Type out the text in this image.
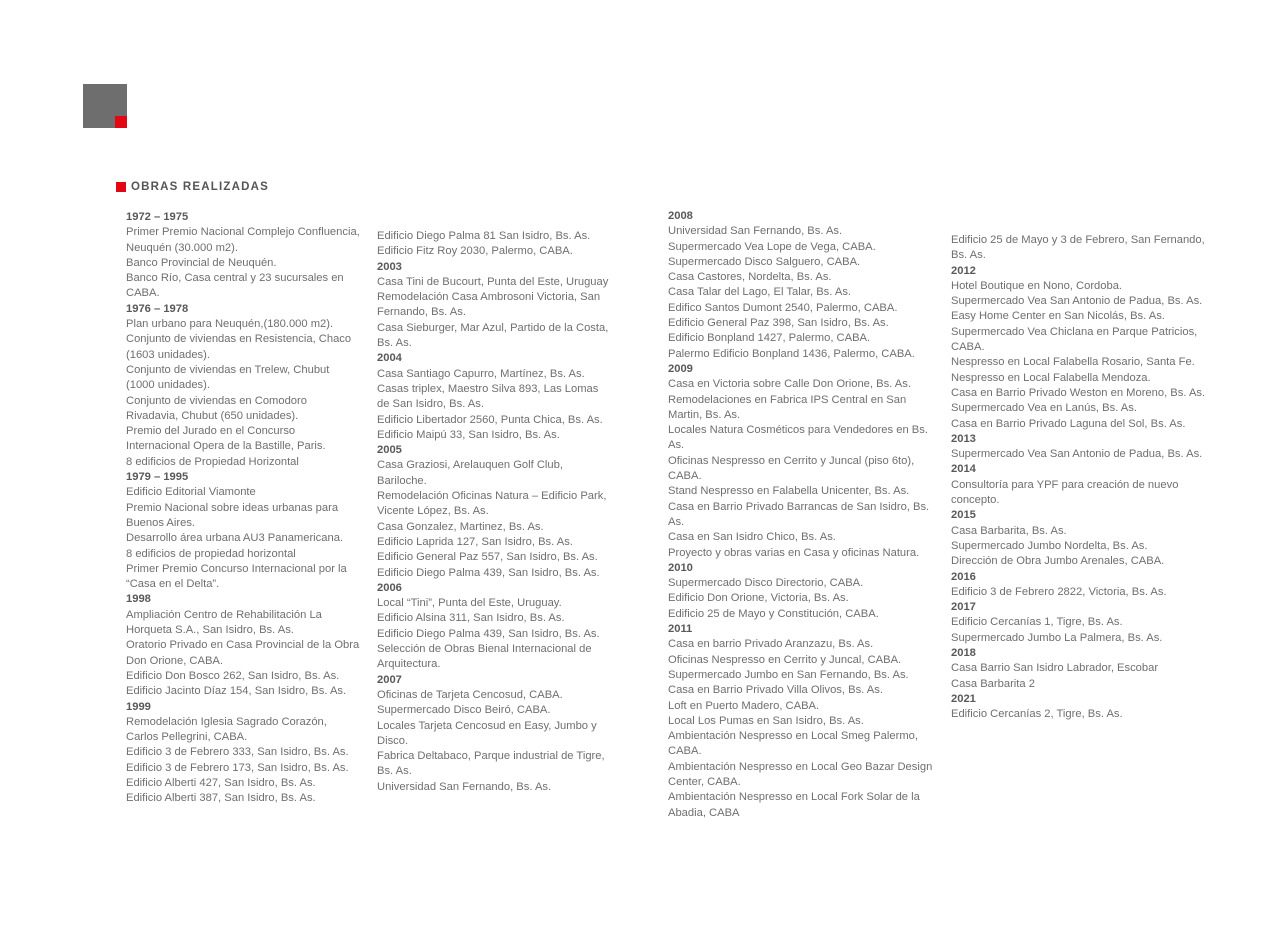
OBRAS REALIZADAS
1972 – 1975
Primer Premio Nacional Complejo Confluencia, Neuquén (30.000 m2).
Banco Provincial de Neuquén.
Banco Río, Casa central y 23 sucursales en CABA.
1976 – 1978
Plan urbano para Neuquén,(180.000 m2).
Conjunto de viviendas en Resistencia, Chaco (1603 unidades).
Conjunto de viviendas en Trelew, Chubut (1000 unidades).
Conjunto de viviendas en Comodoro Rivadavia, Chubut (650 unidades).
Premio del Jurado en el Concurso Internacional Opera de la Bastille, Paris.
8 edificios de Propiedad Horizontal
1979 – 1995
Edificio Editorial Viamonte
Premio Nacional sobre ideas urbanas para Buenos Aires.
Desarrollo área urbana AU3 Panamericana.
8 edificios de propiedad horizontal
Primer Premio Concurso Internacional por la “Casa en el Delta”.
1998
Ampliación Centro de Rehabilitación La Horqueta S.A., San Isidro, Bs. As.
Oratorio Privado en Casa Provincial de la Obra Don Orione, CABA.
Edificio Don Bosco 262, San Isidro, Bs. As.
Edificio Jacinto Díaz 154, San Isidro, Bs. As.
1999
Remodelación Iglesia Sagrado Corazón, Carlos Pellegrini, CABA.
Edificio 3 de Febrero 333, San Isidro, Bs. As.
Edificio 3 de Febrero 173, San Isidro, Bs. As.
Edificio Alberti 427, San Isidro, Bs. As.
Edificio Alberti 387, San Isidro, Bs. As.
Edificio Diego Palma 81 San Isidro, Bs. As.
Edificio Fitz Roy 2030, Palermo, CABA.
2003
Casa Tini de Bucourt, Punta del Este, Uruguay
Remodelación Casa Ambrosoni Victoria, San Fernando, Bs. As.
Casa Sieburger, Mar Azul, Partido de la Costa, Bs. As.
2004
Casa Santiago Capurro, Martínez, Bs. As.
Casas triplex, Maestro Silva 893, Las Lomas de San Isidro, Bs. As.
Edificio Libertador 2560, Punta Chica, Bs. As.
Edificio Maipú 33, San Isidro, Bs. As.
2005
Casa Graziosi, Arelauquen Golf Club, Bariloche.
Remodelación Oficinas Natura – Edificio Park, Vicente López, Bs. As.
Casa Gonzalez, Martinez, Bs. As.
Edificio Laprida 127, San Isidro, Bs. As.
Edificio General Paz 557, San Isidro, Bs. As.
Edificio Diego Palma 439, San Isidro, Bs. As.
2006
Local “Tini”, Punta del Este, Uruguay.
Edificio Alsina 311, San Isidro, Bs. As.
Edificio Diego Palma 439, San Isidro, Bs. As.
Selección de Obras Bienal Internacional de Arquitectura.
2007
Oficinas de Tarjeta Cencosud, CABA.
Supermercado Disco Beiró, CABA.
Locales Tarjeta Cencosud en Easy, Jumbo y Disco.
Fabrica Deltabaco, Parque industrial de Tigre, Bs. As.
Universidad San Fernando, Bs. As.
2008
Universidad San Fernando, Bs. As.
Supermercado Vea Lope de Vega, CABA.
Supermercado Disco Salguero, CABA.
Casa Castores, Nordelta, Bs. As.
Casa Talar del Lago, El Talar, Bs. As.
Edifico Santos Dumont 2540, Palermo, CABA.
Edificio General Paz 398, San Isidro, Bs. As.
Edificio Bonpland 1427, Palermo, CABA.
Palermo Edificio Bonpland 1436, Palermo, CABA.
2009
Casa en Victoria sobre Calle Don Orione, Bs. As.
Remodelaciones en Fabrica IPS Central en San Martin, Bs. As.
Locales Natura Cosméticos para Vendedores en Bs. As.
Oficinas Nespresso en Cerrito y Juncal (piso 6to), CABA.
Stand Nespresso en Falabella Unicenter, Bs. As.
Casa en Barrio Privado Barrancas de San Isidro, Bs. As.
Casa en San Isidro Chico, Bs. As.
Proyecto y obras varias en Casa y oficinas Natura.
2010
Supermercado Disco Directorio, CABA.
Edificio Don Orione, Victoria, Bs. As.
Edificio 25 de Mayo y Constitución, CABA.
2011
Casa en barrio Privado Aranzazu, Bs. As.
Oficinas Nespresso en Cerrito y Juncal, CABA.
Supermercado Jumbo en San Fernando, Bs. As.
Casa en Barrio Privado Villa Olivos, Bs. As.
Loft en Puerto Madero, CABA.
Local Los Pumas en San Isidro, Bs. As.
Ambientación Nespresso en Local Smeg Palermo, CABA.
Ambientación Nespresso en Local Geo Bazar Design Center, CABA.
Ambientación Nespresso en Local Fork Solar de la Abadia, CABA
Edificio 25 de Mayo y 3 de Febrero, San Fernando, Bs. As.
2012
Hotel Boutique en Nono, Cordoba.
Supermercado Vea San Antonio de Padua, Bs. As.
Easy Home Center en San Nicolás, Bs. As.
Supermercado Vea Chiclana en Parque Patricios, CABA.
Nespresso en Local Falabella Rosario, Santa Fe.
Nespresso en Local Falabella Mendoza.
Casa en Barrio Privado Weston en Moreno, Bs. As.
Supermercado Vea en Lanús, Bs. As.
Casa en Barrio Privado Laguna del Sol, Bs. As.
2013
Supermercado Vea San Antonio de Padua, Bs. As.
2014
Consultoría para YPF para creación de nuevo concepto.
2015
Casa Barbarita, Bs. As.
Supermercado Jumbo Nordelta, Bs. As.
Dirección de Obra Jumbo Arenales, CABA.
2016
Edificio 3 de Febrero 2822, Victoria, Bs. As.
2017
Edificio Cercanías 1, Tigre, Bs. As.
Supermercado Jumbo La Palmera, Bs. As.
2018
Casa Barrio San Isidro Labrador, Escobar
Casa Barbarita 2
2021
Edificio Cercanías 2, Tigre, Bs. As.
